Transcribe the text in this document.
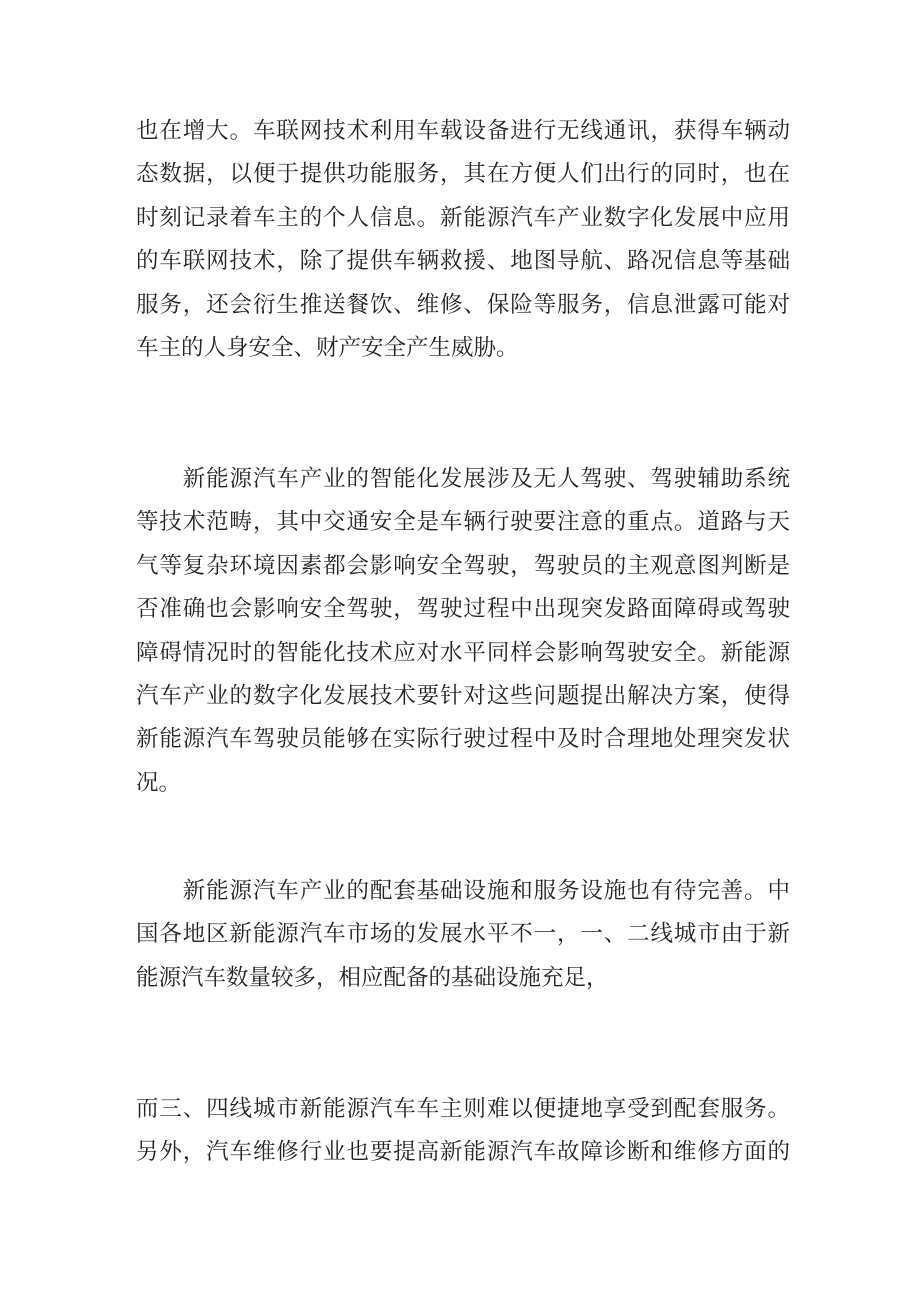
也在增大。车联网技术利用车载设备进行无线通讯，获得车辆动
态数据，以便于提供功能服务，其在方便人们出行的同时，也在
时刻记录着车主的个人信息。新能源汽车产业数字化发展中应用
的车联网技术，除了提供车辆救援、地图导航、路况信息等基础
服务，还会衍生推送餐饮、维修、保险等服务，信息泄露可能对
车主的人身安全、财产安全产生威胁。
　　新能源汽车产业的智能化发展涉及无人驾驶、驾驶辅助系统
等技术范畴，其中交通安全是车辆行驶要注意的重点。道路与天
气等复杂环境因素都会影响安全驾驶，驾驶员的主观意图判断是
否准确也会影响安全驾驶，驾驶过程中出现突发路面障碍或驾驶
障碍情况时的智能化技术应对水平同样会影响驾驶安全。新能源
汽车产业的数字化发展技术要针对这些问题提出解决方案，使得
新能源汽车驾驶员能够在实际行驶过程中及时合理地处理突发状
况。
　　新能源汽车产业的配套基础设施和服务设施也有待完善。中
国各地区新能源汽车市场的发展水平不一，一、二线城市由于新
能源汽车数量较多，相应配备的基础设施充足，
而三、四线城市新能源汽车车主则难以便捷地享受到配套服务。
另外，汽车维修行业也要提高新能源汽车故障诊断和维修方面的
